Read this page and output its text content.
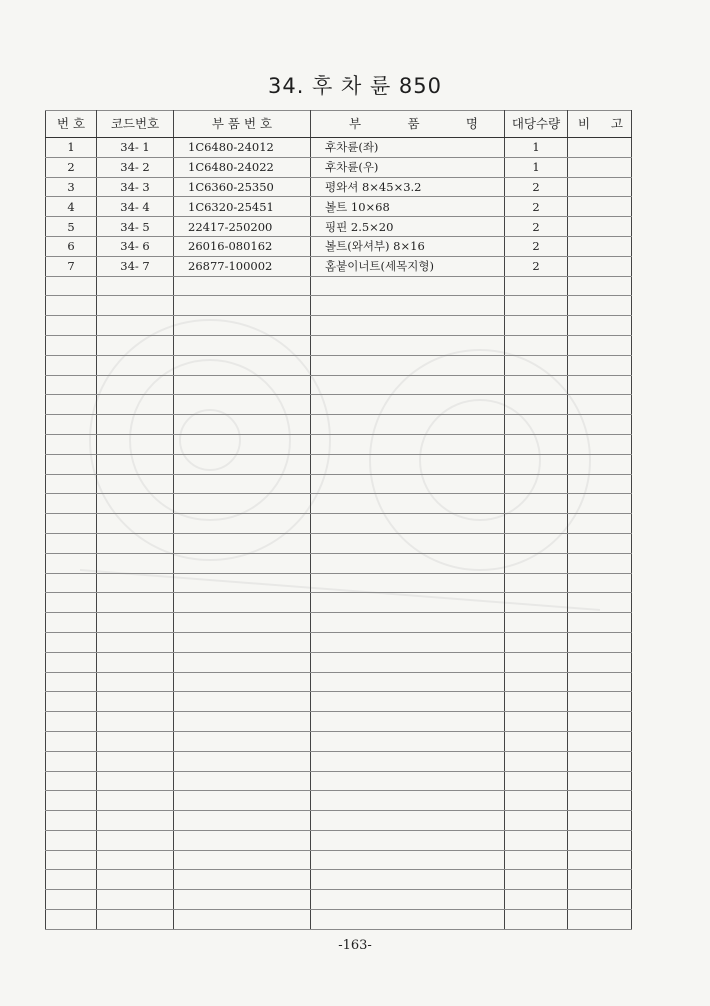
34. 후 차 륜 850
번 호	코드번호	부 품 번 호	부 품 명	대당수량	비 고

1	34- 1	1C6480-24012	후차륜(좌)	1	
2	34- 2	1C6480-24022	후차륜(우)	1	
3	34- 3	1C6360-25350	평와셔 8×45×3.2	2	
4	34- 4	1C6320-25451	볼트 10×68	2	
5	34- 5	22417-250200	핑핀 2.5×20	2	
6	34- 6	26016-080162	볼트(와셔부) 8×16	2	
7	34- 7	26877-100002	홈붙이너트(세목지형)	2	

-163-
